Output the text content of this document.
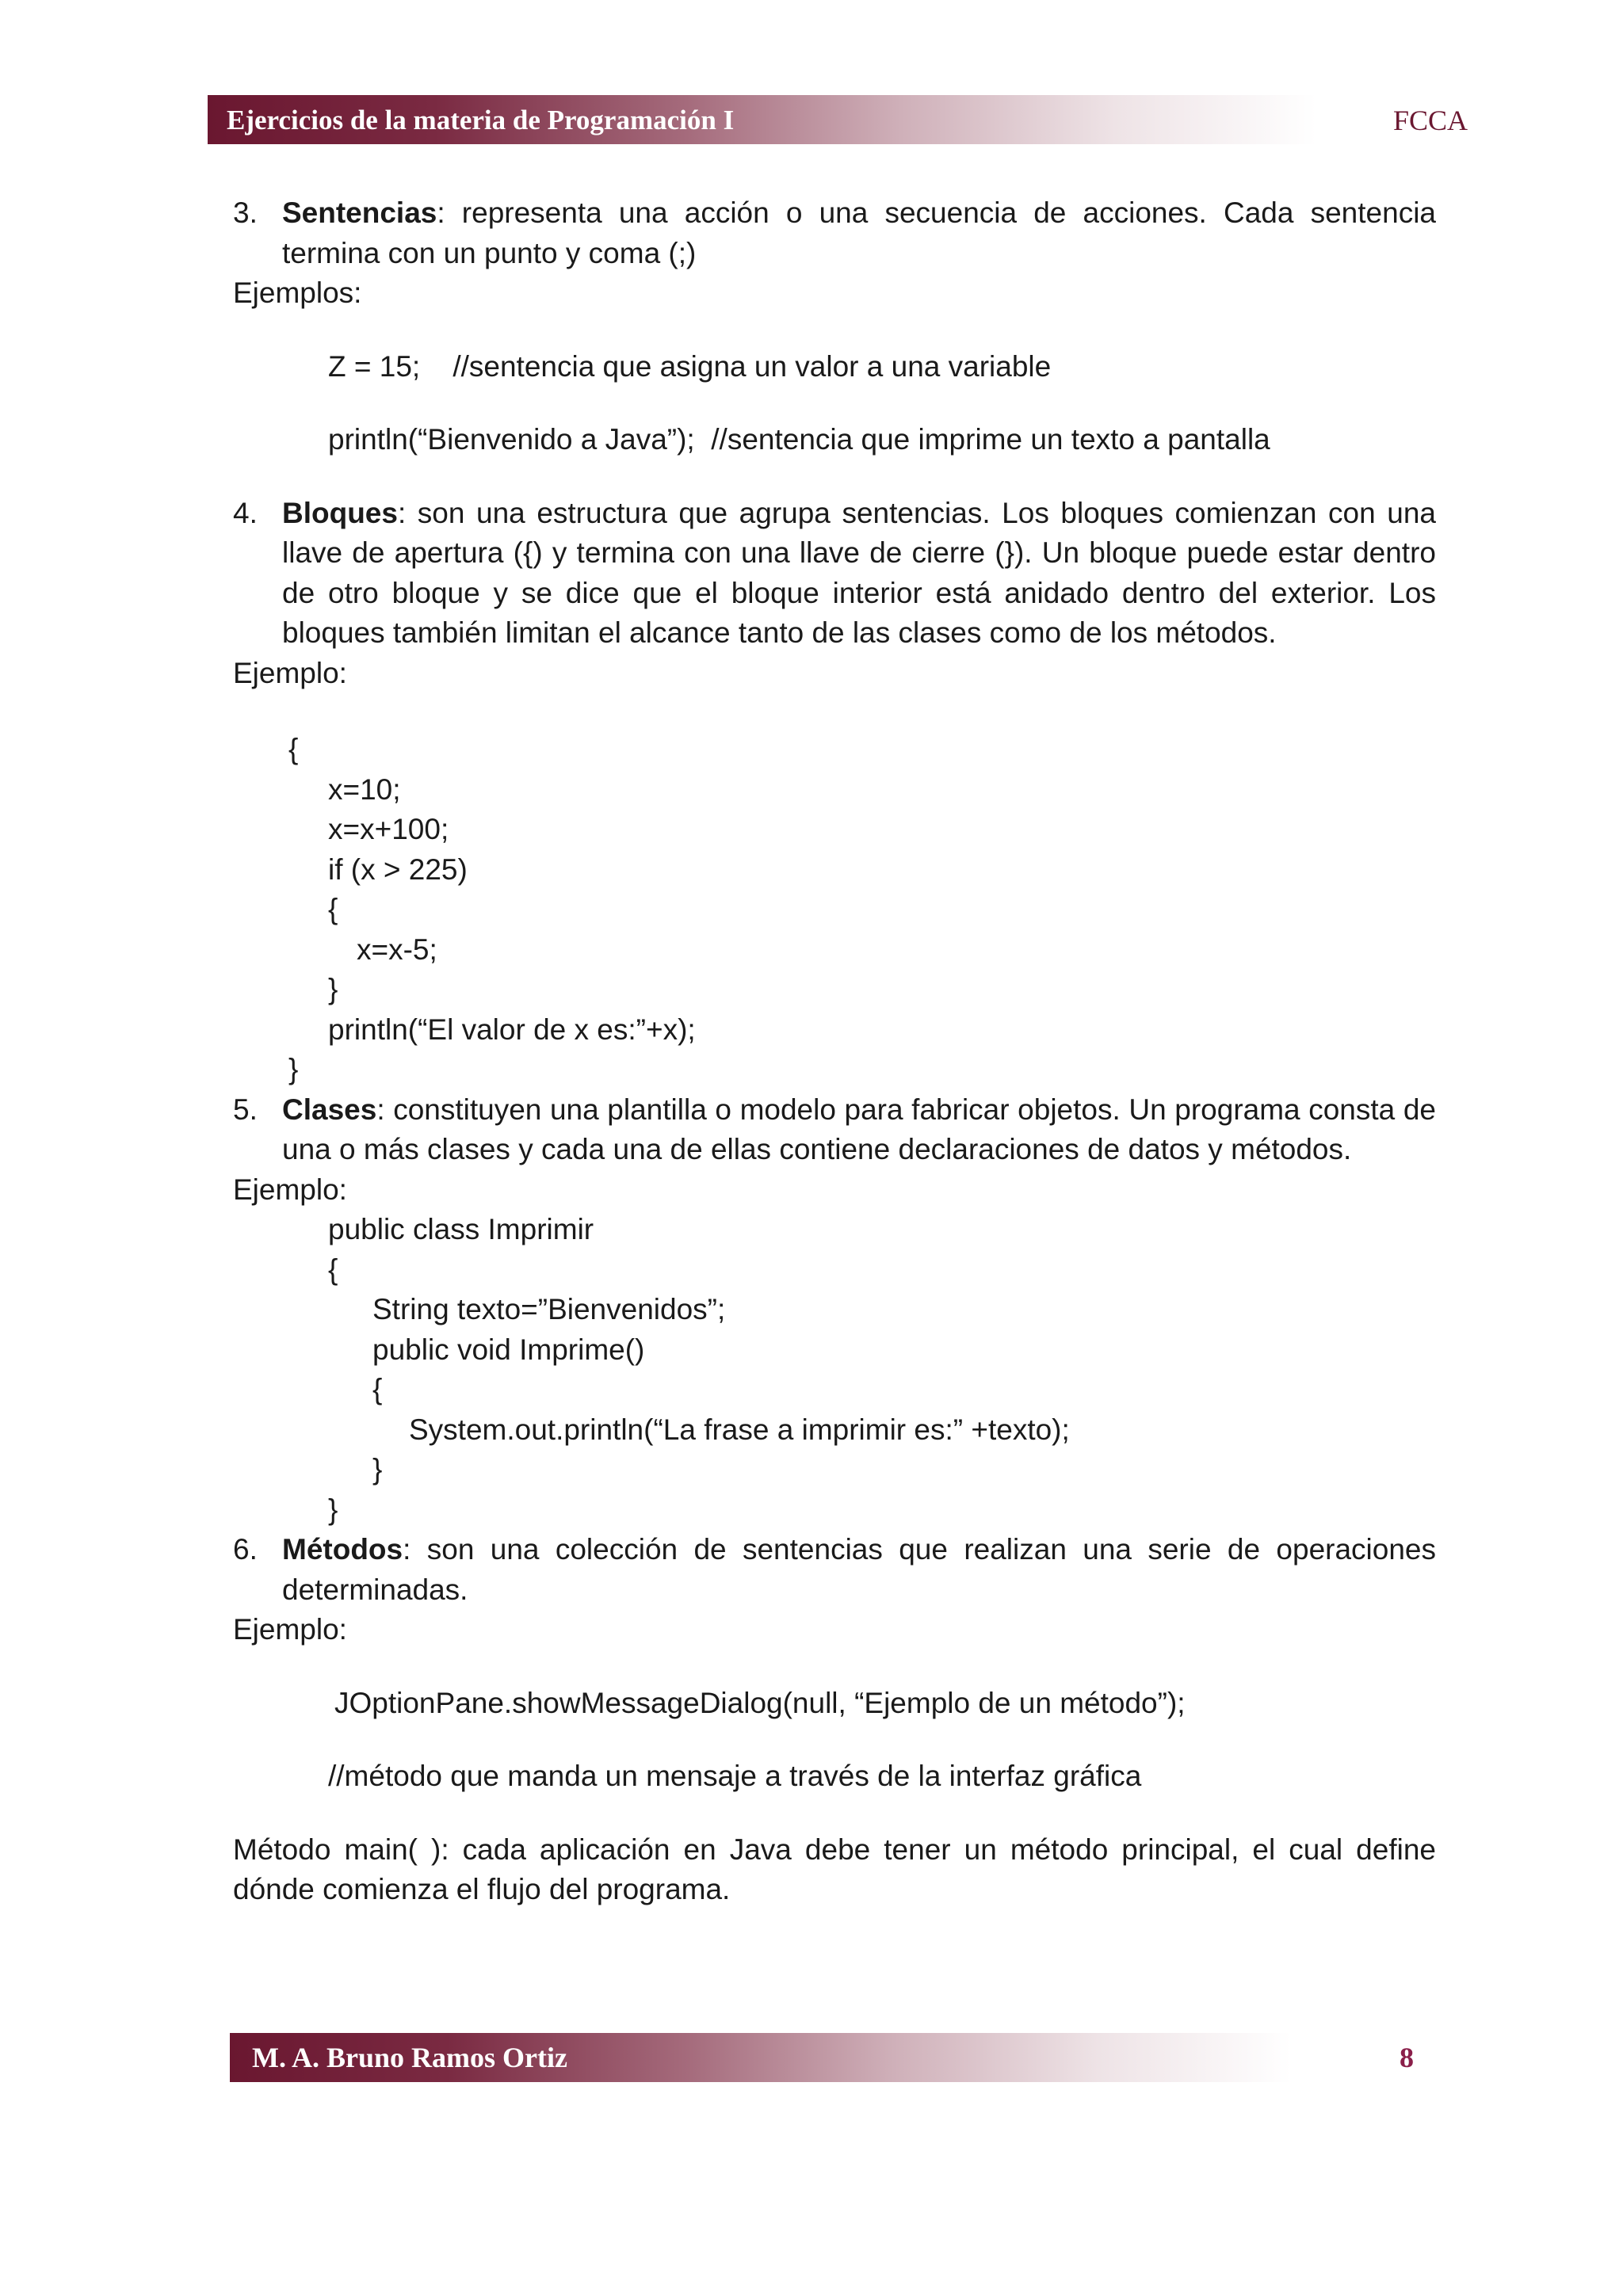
Ejercicios de la materia de Programación I	FCCA
3. Sentencias: representa una acción o una secuencia de acciones. Cada sentencia termina con un punto y coma (;)
Ejemplos:
Z = 15;    //sentencia que asigna un valor a una variable
println(“Bienvenido a Java”);  //sentencia que imprime un texto a pantalla
4. Bloques: son una estructura que agrupa sentencias. Los bloques comienzan con una llave de apertura ({) y termina con una llave de cierre (}). Un bloque puede estar dentro de otro bloque y se dice que el bloque interior está anidado dentro del exterior. Los bloques también limitan el alcance tanto de las clases como de los métodos.
Ejemplo:
{
x=10;
x=x+100;
if (x > 225)
{
x=x-5;
}
println(“El valor de x es:”+x);
}
5. Clases: constituyen una plantilla o modelo para fabricar objetos. Un programa consta de una o más clases y cada una de ellas contiene declaraciones de datos y métodos.
Ejemplo:
public class Imprimir
{
String texto=”Bienvenidos”;
public void Imprime()
{
System.out.println(“La frase a imprimir es:” +texto);
}
}
6. Métodos: son una colección de sentencias que realizan una serie de operaciones determinadas.
Ejemplo:
JOptionPane.showMessageDialog(null, “Ejemplo de un método”);
//método que manda un mensaje a través de la interfaz gráfica
Método main( ): cada aplicación en Java debe tener un método principal, el cual define dónde comienza el flujo del programa.
M. A. Bruno Ramos Ortiz	8
